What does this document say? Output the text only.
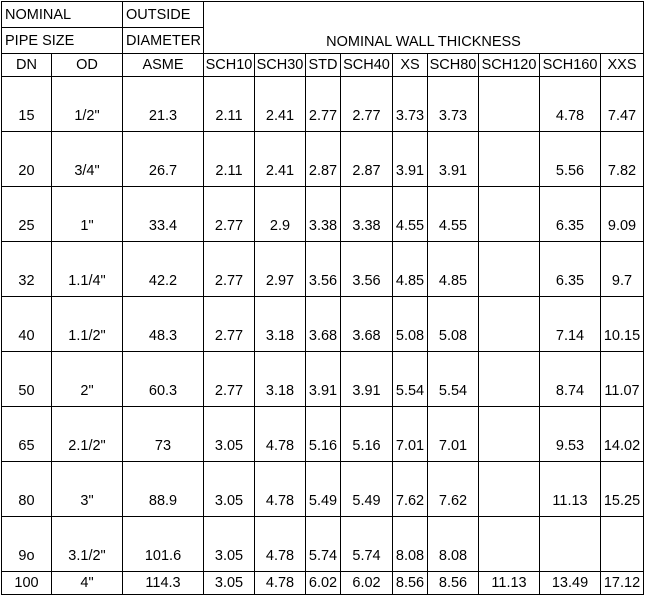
NOMINAL		OUTSIDE	NOMINAL WALL THICKNESS								
PIPE SIZE		DIAMETER									
DN	OD	ASME	SCH10	SCH30	STD	SCH40	XS	SCH80	SCH120	SCH160	XXS
15	1/2"	21.3	2.11	2.41	2.77	2.77	3.73	3.73		4.78	7.47
20	3/4"	26.7	2.11	2.41	2.87	2.87	3.91	3.91		5.56	7.82
25	1"	33.4	2.77	2.9	3.38	3.38	4.55	4.55		6.35	9.09
32	1.1/4"	42.2	2.77	2.97	3.56	3.56	4.85	4.85		6.35	9.7
40	1.1/2"	48.3	2.77	3.18	3.68	3.68	5.08	5.08		7.14	10.15
50	2"	60.3	2.77	3.18	3.91	3.91	5.54	5.54		8.74	11.07
65	2.1/2"	73	3.05	4.78	5.16	5.16	7.01	7.01		9.53	14.02
80	3"	88.9	3.05	4.78	5.49	5.49	7.62	7.62		11.13	15.25
9o	3.1/2"	101.6	3.05	4.78	5.74	5.74	8.08	8.08			
100	4"	114.3	3.05	4.78	6.02	6.02	8.56	8.56	11.13	13.49	17.12
